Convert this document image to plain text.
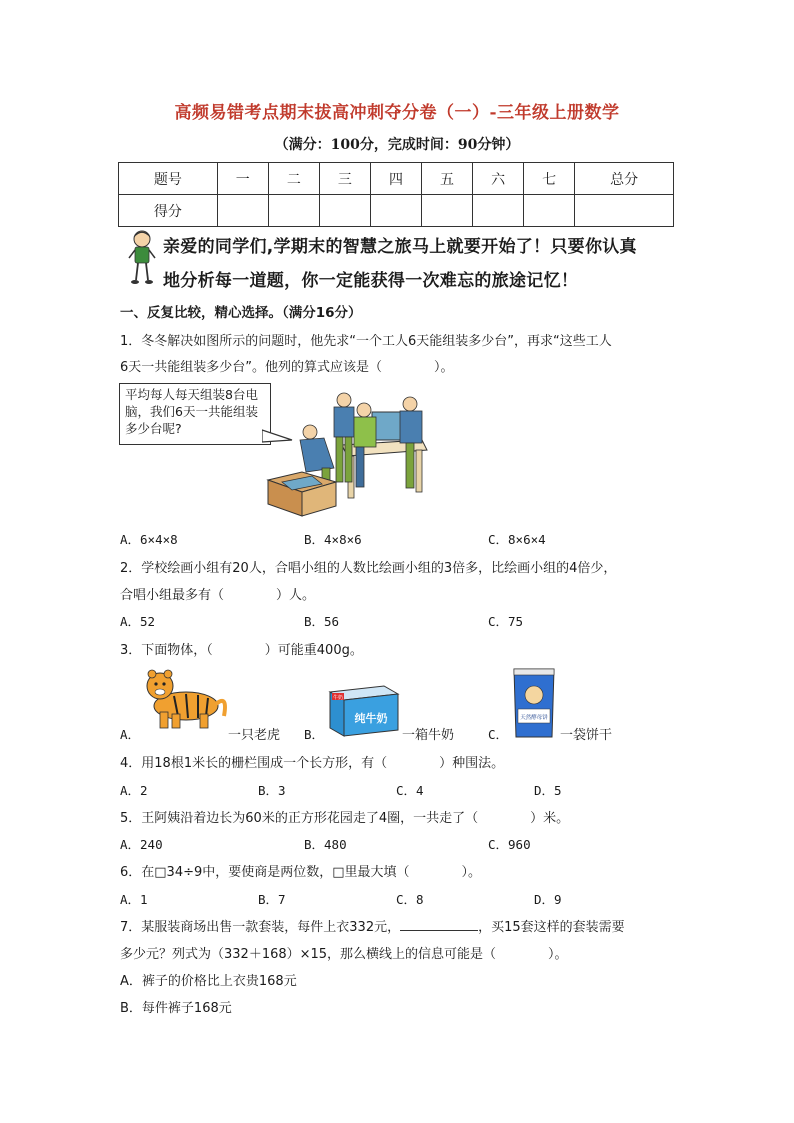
高频易错考点期末拔高冲刺夺分卷（一）-三年级上册数学
（满分：100分，完成时间：90分钟）
题号	一	二	三	四	五	六	七	总分
得分								
亲爱的同学们,学期末的智慧之旅马上就要开始了！只要你认真
地分析每一道题，你一定能获得一次难忘的旅途记忆！
一、反复比较，精心选择。（满分16分）
1．冬冬解决如图所示的问题时，他先求“一个工人6天能组装多少台”，再求“这些工人
6天一共能组装多少台”。他列的算式应该是（　　　　）。
平均每人每天组装8台电脑，我们6天一共能组装多少台呢?
A．6×4×8	B．4×8×6	C．8×6×4
2．学校绘画小组有20人，合唱小组的人数比绘画小组的3倍多，比绘画小组的4倍少，
合唱小组最多有（　　　　）人。
A．52	B．56	C．75
3．下面物体，（　　　　）可能重400g。
A．	一只老虎 B．
牛奶
纯牛奶
一箱牛奶	C．
天然酵母饼
一袋饼干
4．用18根1米长的栅栏围成一个长方形，有（　　　　）种围法。
A．2	B．3	C．4	D．5
5．王阿姨沿着边长为60米的正方形花园走了4圈，一共走了（　　　　）米。
A．240	B．480	C．960
6．在□34÷9中，要使商是两位数，□里最大填（　　　　）。
A．1	B．7	C．8	D．9
7．某服装商场出售一款套装，每件上衣332元，	，买15套这样的套装需要
多少元？列式为（332＋168）×15，那么横线上的信息可能是（　　　　）。
A．裤子的价格比上衣贵168元
B．每件裤子168元
